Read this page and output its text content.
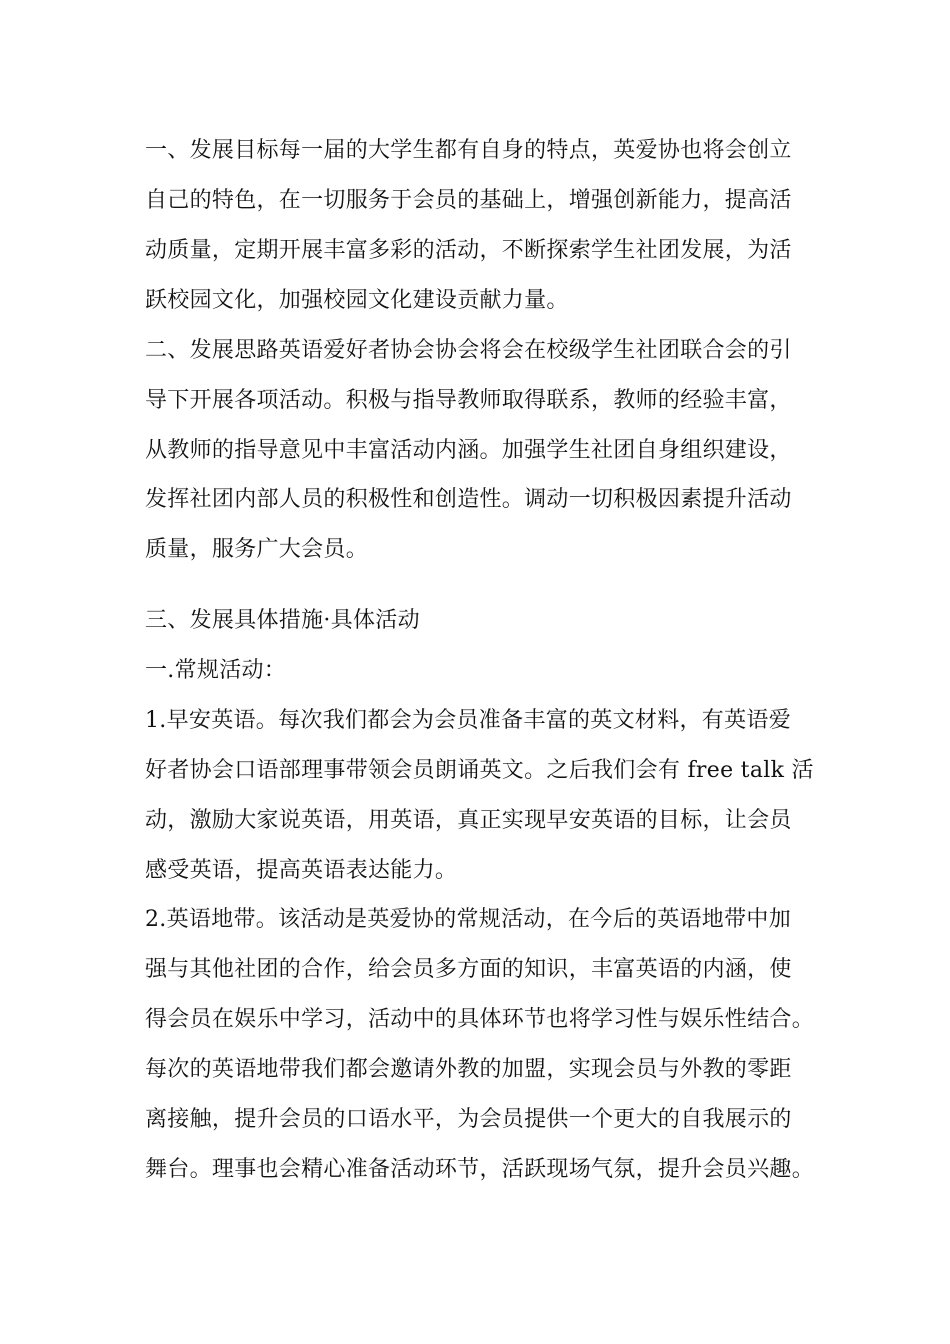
一、发展目标每一届的大学生都有自身的特点，英爱协也将会创立
自己的特色，在一切服务于会员的基础上，增强创新能力，提高活
动质量，定期开展丰富多彩的活动，不断探索学生社团发展，为活
跃校园文化，加强校园文化建设贡献力量。
二、发展思路英语爱好者协会协会将会在校级学生社团联合会的引
导下开展各项活动。积极与指导教师取得联系，教师的经验丰富，
从教师的指导意见中丰富活动内涵。加强学生社团自身组织建设，
发挥社团内部人员的积极性和创造性。调动一切积极因素提升活动
质量，服务广大会员。
三、发展具体措施·具体活动
一.常规活动：
1.早安英语。每次我们都会为会员准备丰富的英文材料，有英语爱
好者协会口语部理事带领会员朗诵英文。之后我们会有 free talk 活
动，激励大家说英语，用英语，真正实现早安英语的目标，让会员
感受英语，提高英语表达能力。
2.英语地带。该活动是英爱协的常规活动，在今后的英语地带中加
强与其他社团的合作，给会员多方面的知识，丰富英语的内涵，使
得会员在娱乐中学习，活动中的具体环节也将学习性与娱乐性结合。
每次的英语地带我们都会邀请外教的加盟，实现会员与外教的零距
离接触，提升会员的口语水平，为会员提供一个更大的自我展示的
舞台。理事也会精心准备活动环节，活跃现场气氛，提升会员兴趣。
